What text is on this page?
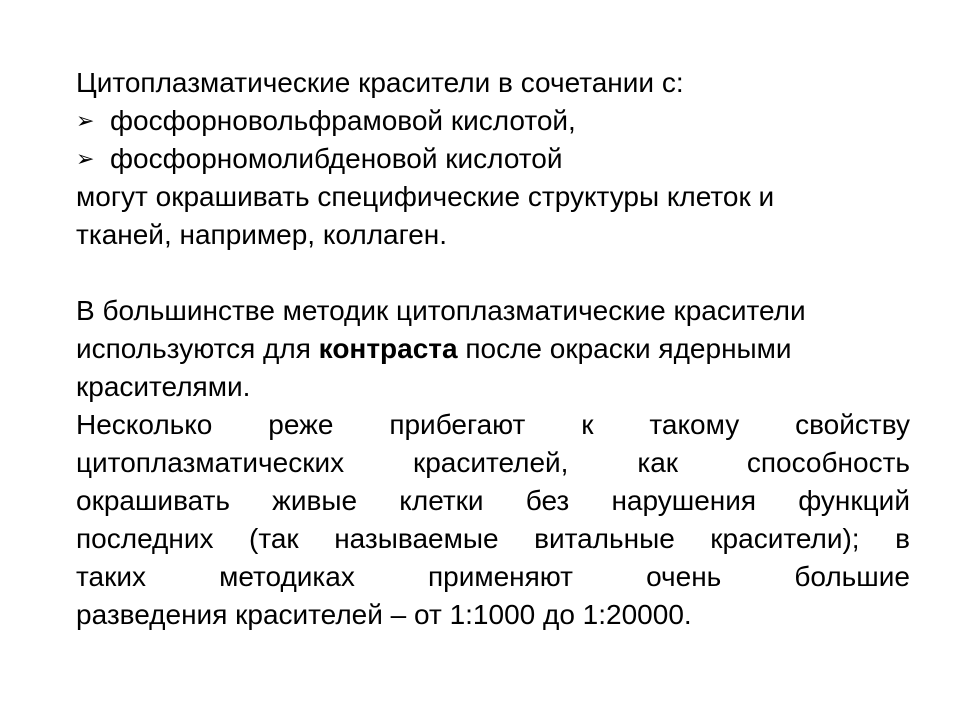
Цитоплазматические красители в сочетании с:
➢ фосфорновольфрамовой кислотой,
➢ фосфорномолибденовой кислотой
могут окрашивать специфические структуры клеток и
тканей, например, коллаген.
В большинстве методик цитоплазматические красители
используются для контраста после окраски ядерными
красителями.
Несколько реже прибегают к такому свойству
цитоплазматических красителей, как способность
окрашивать живые клетки без нарушения функций
последних (так называемые витальные красители); в
таких	методиках	применяют	очень	большие
разведения красителей – от 1:1000 до 1:20000.
